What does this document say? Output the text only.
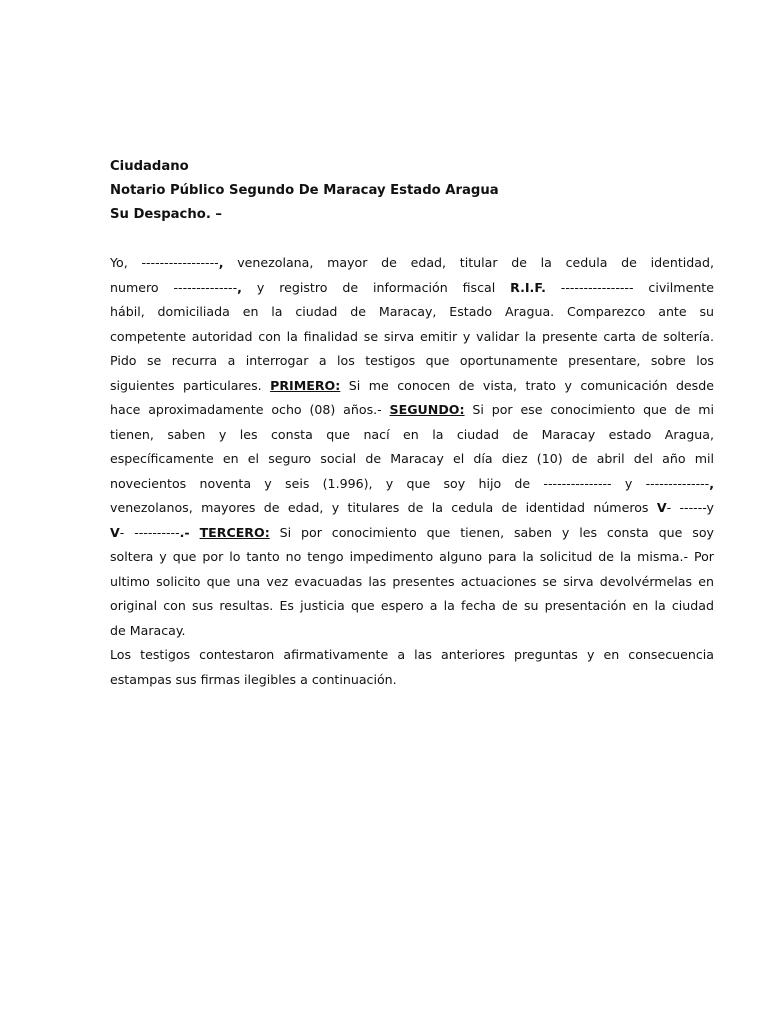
Ciudadano
Notario Público Segundo De Maracay Estado Aragua
Su Despacho. –
Yo, -----------------, venezolana, mayor de edad, titular de la cedula de identidad,
numero --------------, y registro de información fiscal R.I.F. ---------------- civilmente
hábil, domiciliada en la ciudad de Maracay, Estado Aragua. Comparezco ante su
competente autoridad con la finalidad se sirva emitir y validar la presente carta de soltería.
Pido se recurra a interrogar a los testigos que oportunamente presentare, sobre los
siguientes particulares. PRIMERO: Si me conocen de vista, trato y comunicación desde
hace aproximadamente ocho (08) años.- SEGUNDO: Si por ese conocimiento que de mi
tienen, saben y les consta que nací en la ciudad de Maracay estado Aragua,
específicamente en el seguro social de Maracay el día diez (10) de abril del año mil
novecientos noventa y seis (1.996), y que soy hijo de --------------- y --------------,
venezolanos, mayores de edad, y titulares de la cedula de identidad números V- ------y
V- ----------.- TERCERO: Si por conocimiento que tienen, saben y les consta que soy
soltera y que por lo tanto no tengo impedimento alguno para la solicitud de la misma.- Por
ultimo solicito que una vez evacuadas las presentes actuaciones se sirva devolvérmelas en
original con sus resultas. Es justicia que espero a la fecha de su presentación en la ciudad
de Maracay.
Los testigos contestaron afirmativamente a las anteriores preguntas y en consecuencia
estampas sus firmas ilegibles a continuación.
